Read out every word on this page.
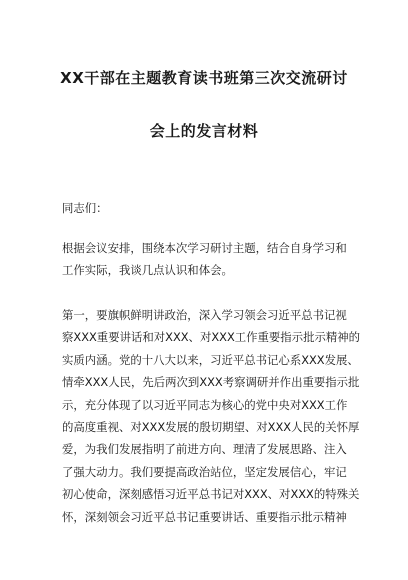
XX干部在主题教育读书班第三次交流研讨
会上的发言材料
同志们：
根据会议安排，围绕本次学习研讨主题，结合自身学习和
工作实际，我谈几点认识和体会。
第一，要旗帜鲜明讲政治，深入学习领会习近平总书记视
察XXX重要讲话和对XXX、对XXX工作重要指示批示精神的
实质内涵。党的十八大以来，习近平总书记心系XXX发展、
情牵XXX人民，先后两次到XXX考察调研并作出重要指示批
示，充分体现了以习近平同志为核心的党中央对XXX工作
的高度重视、对XXX发展的殷切期望、对XXX人民的关怀厚
爱，为我们发展指明了前进方向、理清了发展思路、注入
了强大动力。我们要提高政治站位，坚定发展信心，牢记
初心使命，深刻感悟习近平总书记对XXX、对XXX的特殊关
怀，深刻领会习近平总书记重要讲话、重要指示批示精神
